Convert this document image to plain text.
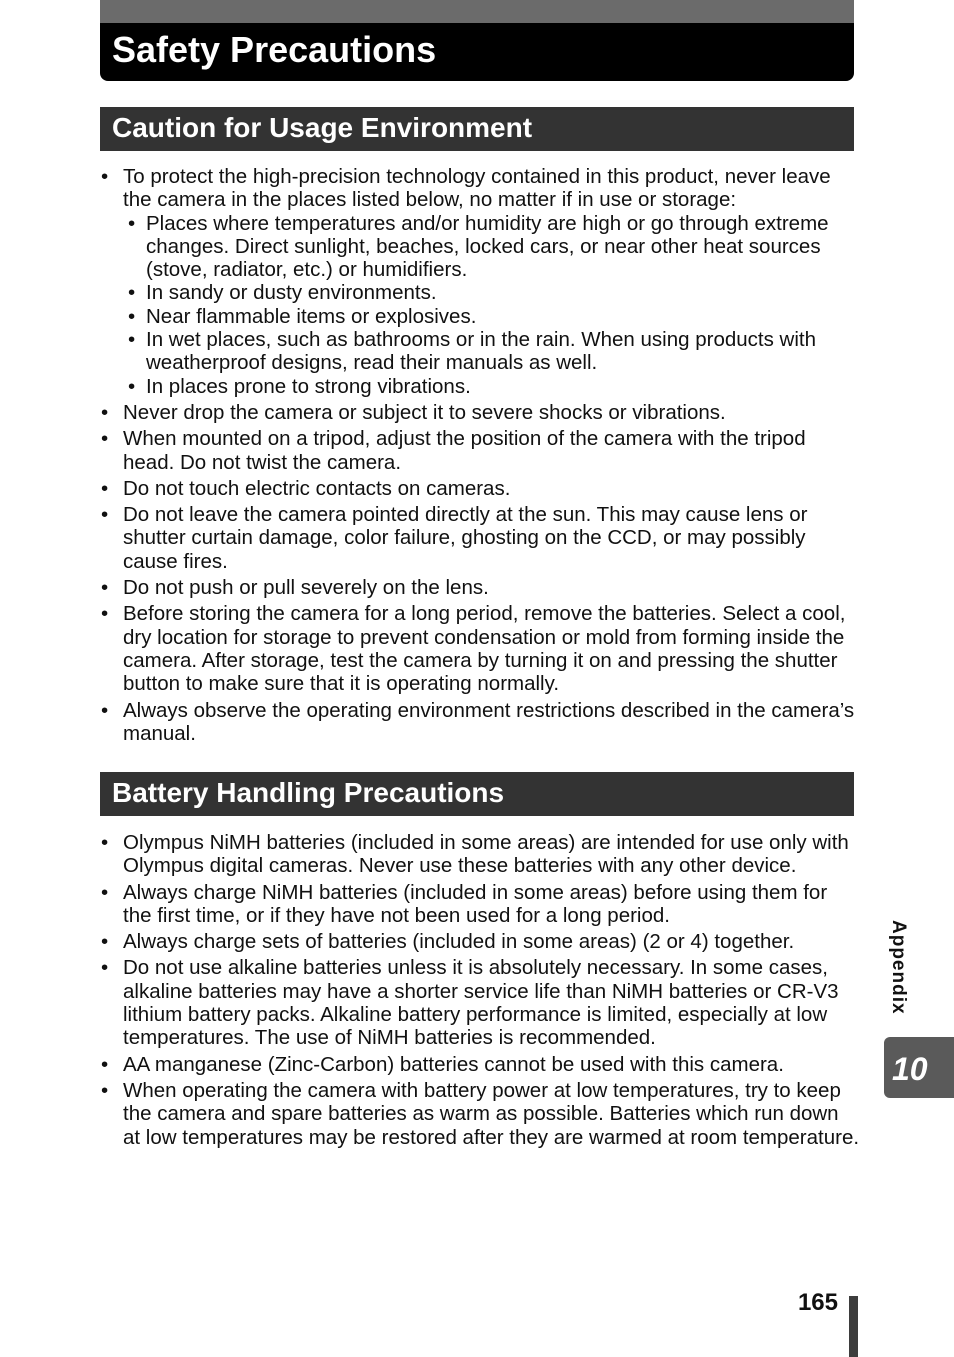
Safety Precautions
Caution for Usage Environment
• To protect the high-precision technology contained in this product, never leave the camera in the places listed below, no matter if in use or storage:
• Places where temperatures and/or humidity are high or go through extreme changes. Direct sunlight, beaches, locked cars, or near other heat sources (stove, radiator, etc.) or humidifiers.
• In sandy or dusty environments.
• Near flammable items or explosives.
• In wet places, such as bathrooms or in the rain. When using products with weatherproof designs, read their manuals as well.
• In places prone to strong vibrations.
• Never drop the camera or subject it to severe shocks or vibrations.
• When mounted on a tripod, adjust the position of the camera with the tripod head. Do not twist the camera.
• Do not touch electric contacts on cameras.
• Do not leave the camera pointed directly at the sun. This may cause lens or shutter curtain damage, color failure, ghosting on the CCD, or may possibly cause fires.
• Do not push or pull severely on the lens.
• Before storing the camera for a long period, remove the batteries. Select a cool, dry location for storage to prevent condensation or mold from forming inside the camera. After storage, test the camera by turning it on and pressing the shutter button to make sure that it is operating normally.
• Always observe the operating environment restrictions described in the camera’s manual.
Battery Handling Precautions
• Olympus NiMH batteries (included in some areas) are intended for use only with Olympus digital cameras. Never use these batteries with any other device.
• Always charge NiMH batteries (included in some areas) before using them for the first time, or if they have not been used for a long period.
• Always charge sets of batteries (included in some areas) (2 or 4) together.
• Do not use alkaline batteries unless it is absolutely necessary. In some cases, alkaline batteries may have a shorter service life than NiMH batteries or CR-V3 lithium battery packs. Alkaline battery performance is limited, especially at low temperatures. The use of NiMH batteries is recommended.
• AA manganese (Zinc-Carbon) batteries cannot be used with this camera.
• When operating the camera with battery power at low temperatures, try to keep the camera and spare batteries as warm as possible. Batteries which run down at low temperatures may be restored after they are warmed at room temperature.
Appendix
10
165
